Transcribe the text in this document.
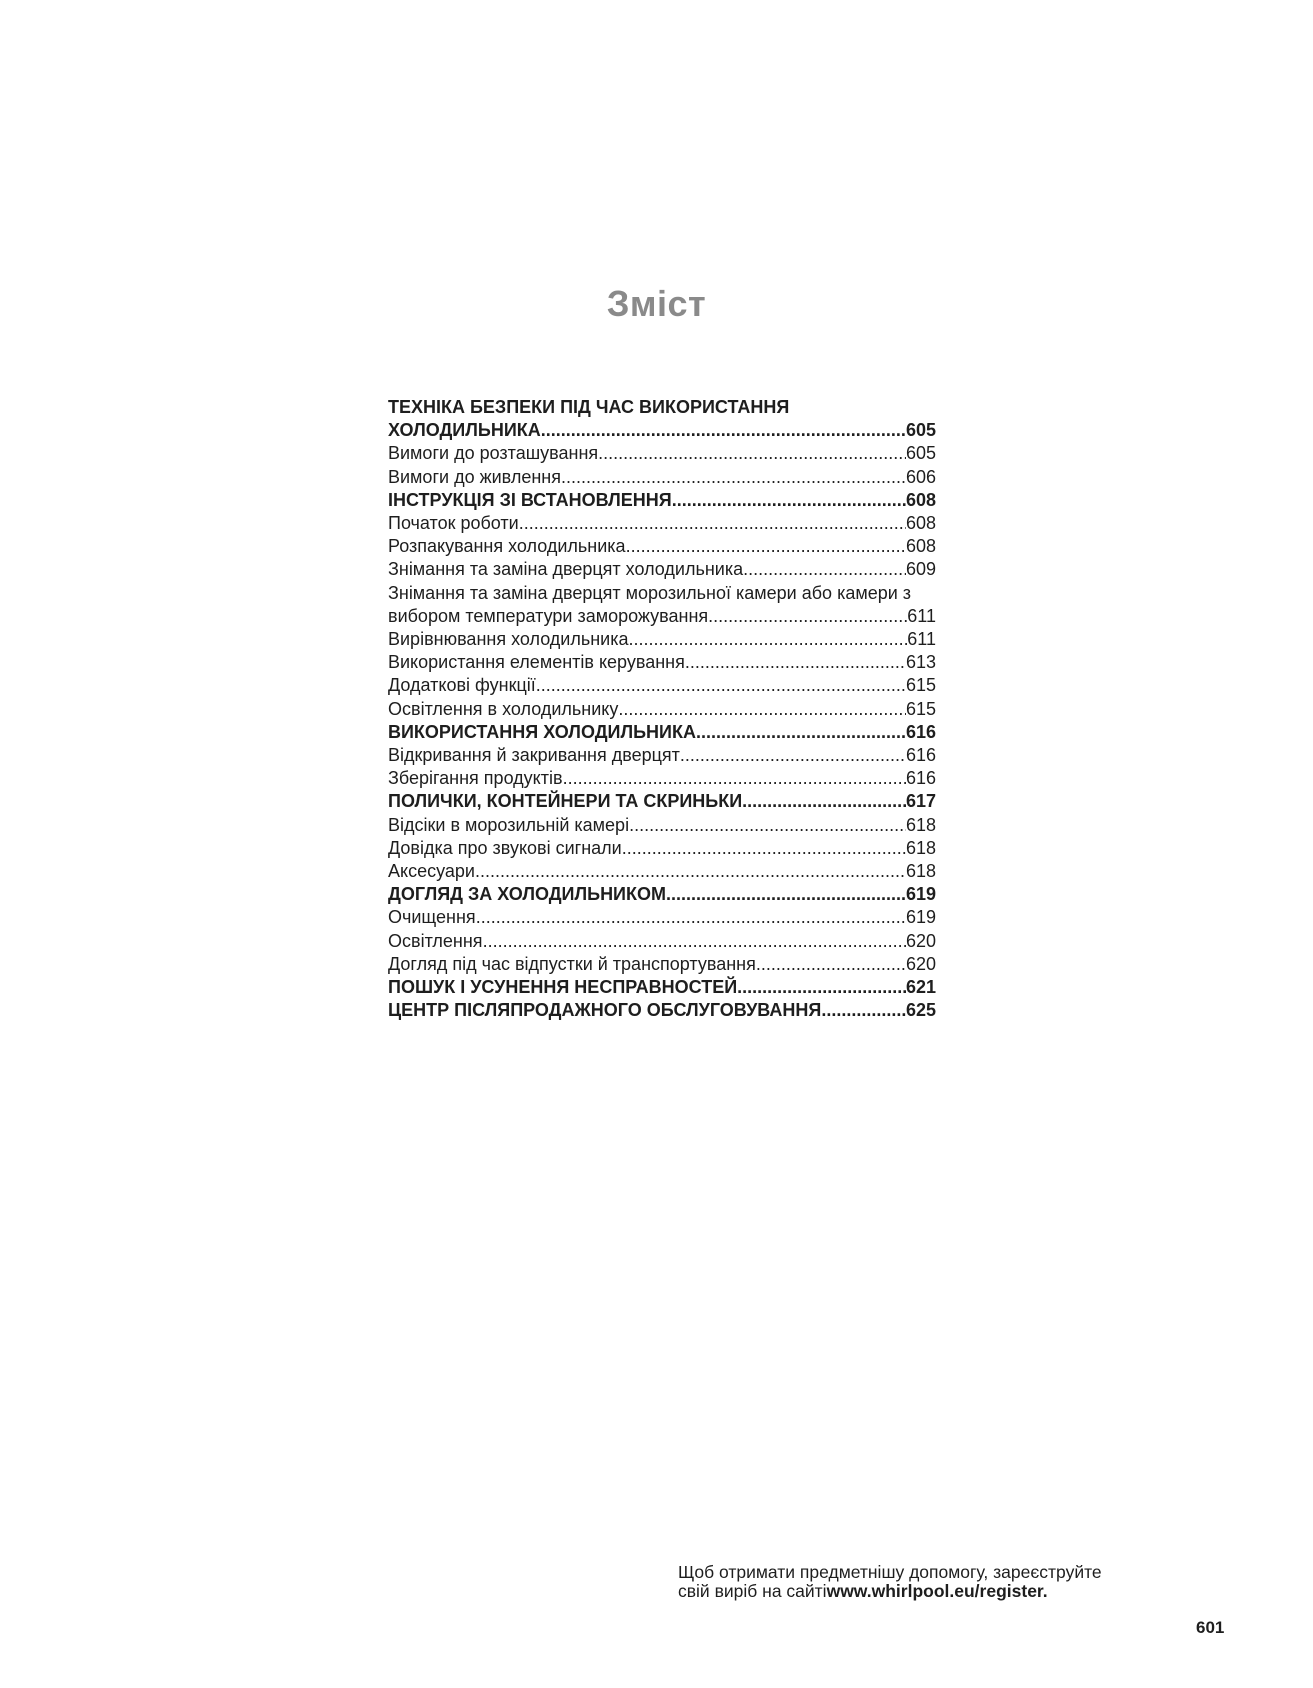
Зміст
ТЕХНІКА БЕЗПЕКИ ПІД ЧАС ВИКОРИСТАННЯ
ХОЛОДИЛЬНИКА .....	605
Вимоги до розташування .....	605
Вимоги до живлення .....	606
ІНСТРУКЦІЯ ЗІ ВСТАНОВЛЕННЯ .....	608
Початок роботи .....	608
Розпакування холодильника .....	608
Знімання та заміна дверцят холодильника .....	609
Знімання та заміна дверцят морозильної камери або камери з
вибором температури заморожування .....	611
Вирівнювання холодильника .....	611
Використання елементів керування .....	613
Додаткові функції .....	615
Освітлення в холодильнику .....	615
ВИКОРИСТАННЯ ХОЛОДИЛЬНИКА .....	616
Відкривання й закривання дверцят .....	616
Зберігання продуктів .....	616
ПОЛИЧКИ, КОНТЕЙНЕРИ ТА СКРИНЬКИ .....	617
Відсіки в морозильній камері .....	618
Довідка про звукові сигнали .....	618
Аксесуари .....	618
ДОГЛЯД ЗА ХОЛОДИЛЬНИКОМ .....	619
Очищення .....	619
Освітлення .....	620
Догляд під час відпустки й транспортування .....	620
ПОШУК І УСУНЕННЯ НЕСПРАВНОСТЕЙ .....	621
ЦЕНТР ПІСЛЯПРОДАЖНОГО ОБСЛУГОВУВАННЯ .....	625
Щоб отримати предметнішу допомогу, зареєструйте
свій виріб на сайтіwww.whirlpool.eu/register.
601
